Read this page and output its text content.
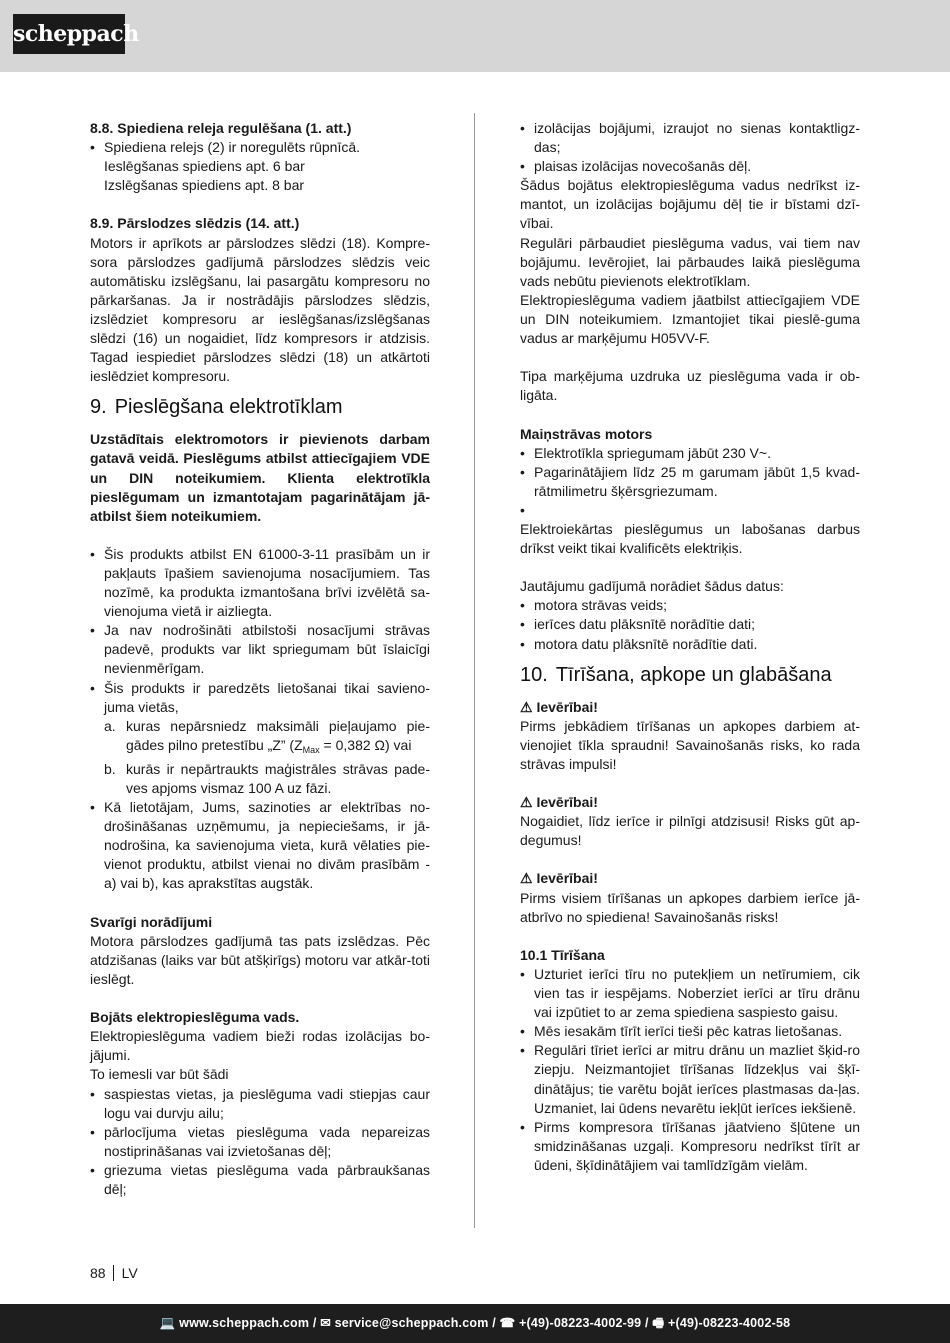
scheppach

8.8. Spiediena releja regulēšana (1. att.)

• Spiediena relejs (2) ir noregulēts rūpnīcā.

Ieslēgšanas spiediens apt. 6 bar

Izslēgšanas spiediens apt. 8 bar

8.9. Pārslodzes slēdzis (14. att.)

Motors ir aprīkots ar pārslodzes slēdzi (18). Kompre-sora pārslodzes gadījumā pārslodzes slēdzis veic automātisku izslēgšanu, lai pasargātu kompresoru no pārkaršanas. Ja ir nostrādājis pārslodzes slēdzis, izslēdziet kompresoru ar ieslēgšanas/izslēgšanas slēdzi (16) un nogaidiet, līdz kompresors ir atdzisis. Tagad iespiediet pārslodzes slēdzi (18) un atkārtoti ieslēdziet kompresoru.

9. Pieslēgšana elektrotīklam

Uzstādītais elektromotors ir pievienots darbam gatavā veidā. Pieslēgums atbilst attiecīgajiem VDE un DIN noteikumiem. Klienta elektrotīkla pieslēgumam un izmantotajam pagarinātājam jā-atbilst šiem noteikumiem.

• Šis produkts atbilst EN 61000-3-11 prasībām un ir pakļauts īpašiem savienojuma nosacījumiem. Tas nozīmē, ka produkta izmantošana brīvi izvēlētā sa-vienojuma vietā ir aizliegta.

• Ja nav nodrošināti atbilstoši nosacījumi strāvas padevē, produkts var likt spriegumam būt īslaicīgi nevienmērīgam.

• Šis produkts ir paredzēts lietošanai tikai savieno-juma vietās,

a. kuras nepārsniedz maksimāli pieļaujamo pie-gādes pilno pretestību „Z” ($Z_{Max} = 0,382$ Ω) vai

b. kurās ir nepārtraukts maģistrāles strāvas pade-ves apjoms vismaz 100 A uz fāzi.

• Kā lietotājam, Jums, sazinoties ar elektrības no-drošināšanas uzņēmumu, ja nepieciešams, ir jā-nodrošina, ka savienojuma vieta, kurā vēlaties pie-vienot produktu, atbilst vienai no divām prasībām - a) vai b), kas aprakstītas augstāk.

Svarīgi norādījumi

Motora pārslodzes gadījumā tas pats izslēdzas. Pēc atdzišanas (laiks var būt atšķirīgs) motoru var atkār-toti ieslēgt.

Bojāts elektropieslēguma vads.

Elektropieslēguma vadiem bieži rodas izolācijas bo-jājumi.

To iemesli var būt šādi

• saspiestas vietas, ja pieslēguma vadi stiepjas caur logu vai durvju ailu;

• pārlocījuma vietas pieslēguma vada nepareizas nostiprināšanas vai izvietošanas dēļ;

• griezuma vietas pieslēguma vada pārbraukšanas dēļ;

• izolācijas bojājumi, izraujot no sienas kontaktligz-das;

• plaisas izolācijas novecošanās dēļ.

Šādus bojātus elektropieslēguma vadus nedrīkst iz-mantot, un izolācijas bojājumu dēļ tie ir bīstami dzī-vībai.

Regulāri pārbaudiet pieslēguma vadus, vai tiem nav bojājumu. Ievērojiet, lai pārbaudes laikā pieslēguma vads nebūtu pievienots elektrotīklam.

Elektropieslēguma vadiem jāatbilst attiecīgajiem VDE un DIN noteikumiem. Izmantojiet tikai pieslē-guma vadus ar marķējumu H05VV-F.

Tipa marķējuma uzdruka uz pieslēguma vada ir ob-ligāta.

Maiņstrāvas motors

• Elektrotīkla spriegumam jābūt 230 V~.

• Pagarinātājiem līdz 25 m garumam jābūt 1,5 kvad-rātmilimetru šķērsgriezumam.

•

Elektroiekārtas pieslēgumus un labošanas darbus drīkst veikt tikai kvalificēts elektriķis.

Jautājumu gadījumā norādiet šādus datus:

• motora strāvas veids;

• ierīces datu plāksnītē norādītie dati;

• motora datu plāksnītē norādītie dati.

10. Tīrīšana, apkope un glabāšana

⚠ Ievērībai!

Pirms jebkādiem tīrīšanas un apkopes darbiem at-vienojiet tīkla spraudni! Savainošanās risks, ko rada strāvas impulsi!

⚠ Ievērībai!

Nogaidiet, līdz ierīce ir pilnīgi atdzisusi! Risks gūt ap-degumus!

⚠ Ievērībai!

Pirms visiem tīrīšanas un apkopes darbiem ierīce jā-atbrīvo no spiediena! Savainošanās risks!

10.1 Tīrīšana

• Uzturiet ierīci tīru no putekļiem un netīrumiem, cik vien tas ir iespējams. Noberziet ierīci ar tīru drānu vai izpūtiet to ar zema spiediena saspiesto gaisu.

• Mēs iesakām tīrīt ierīci tieši pēc katras lietošanas.

• Regulāri tīriet ierīci ar mitru drānu un mazliet šķid-ro ziepju. Neizmantojiet tīrīšanas līdzekļus vai šķī-dinātājus; tie varētu bojāt ierīces plastmasas da-ļas. Uzmaniet, lai ūdens nevarētu iekļūt ierīces iekšienē.

• Pirms kompresora tīrīšanas jāatvieno šļūtene un smidzināšanas uzgaļi. Kompresoru nedrīkst tīrīt ar ūdeni, šķīdinātājiem vai tamlīdzīgām vielām.

88 LV
💻 www.scheppach.com / ✉ service@scheppach.com / ☎ +(49)-08223-4002-99 / 🖷 +(49)-08223-4002-58
